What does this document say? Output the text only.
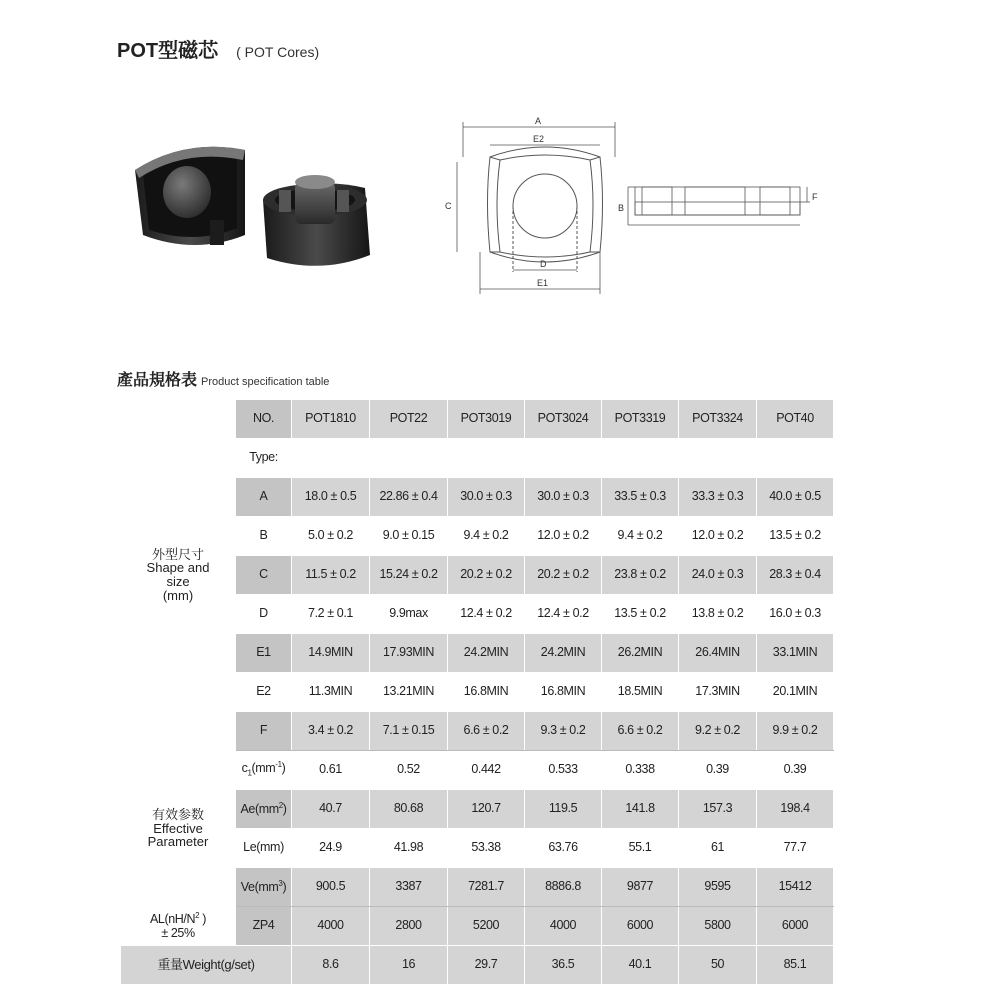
POT型磁芯 ( POT Cores)
A
E2
C
D
E1
B
F
產品規格表 Product specification table
外型尺寸
Shape and
size
(mm)	NO.	POT1810	POT22	POT3019	POT3024	POT3319	POT3324	POT40
	Type:							
	A	18.0 ± 0.5	22.86 ± 0.4	30.0 ± 0.3	30.0 ± 0.3	33.5 ± 0.3	33.3 ± 0.3	40.0 ± 0.5
	B	5.0 ± 0.2	9.0 ± 0.15	9.4 ± 0.2	12.0 ± 0.2	9.4 ± 0.2	12.0 ± 0.2	13.5 ± 0.2
	C	11.5 ± 0.2	15.24 ± 0.2	20.2 ± 0.2	20.2 ± 0.2	23.8 ± 0.2	24.0 ± 0.3	28.3 ± 0.4
	D	7.2 ± 0.1	9.9max	12.4 ± 0.2	12.4 ± 0.2	13.5 ± 0.2	13.8 ± 0.2	16.0 ± 0.3
	E1	14.9MIN	17.93MIN	24.2MIN	24.2MIN	26.2MIN	26.4MIN	33.1MIN
	E2	11.3MIN	13.21MIN	16.8MIN	16.8MIN	18.5MIN	17.3MIN	20.1MIN
	F	3.4 ± 0.2	7.1 ± 0.15	6.6 ± 0.2	9.3 ± 0.2	6.6 ± 0.2	9.2 ± 0.2	9.9 ± 0.2

有效参数
Effective
Parameter	$c_1(mm^{-1})$	0.61	0.52	0.442	0.533	0.338	0.39	0.39
	$Ae(mm^2)$	40.7	80.68	120.7	119.5	141.8	157.3	198.4
	Le(mm)	24.9	41.98	53.38	63.76	55.1	61	77.7
	$Ve(mm^3)$	900.5	3387	7281.7	8886.8	9877	9595	15412

$AL(nH/N^2$ )
± 25%	ZP4	4000	2800	5200	4000	6000	5800	6000
重量Weight(g/set)		8.6	16	29.7	36.5	40.1	50	85.1
